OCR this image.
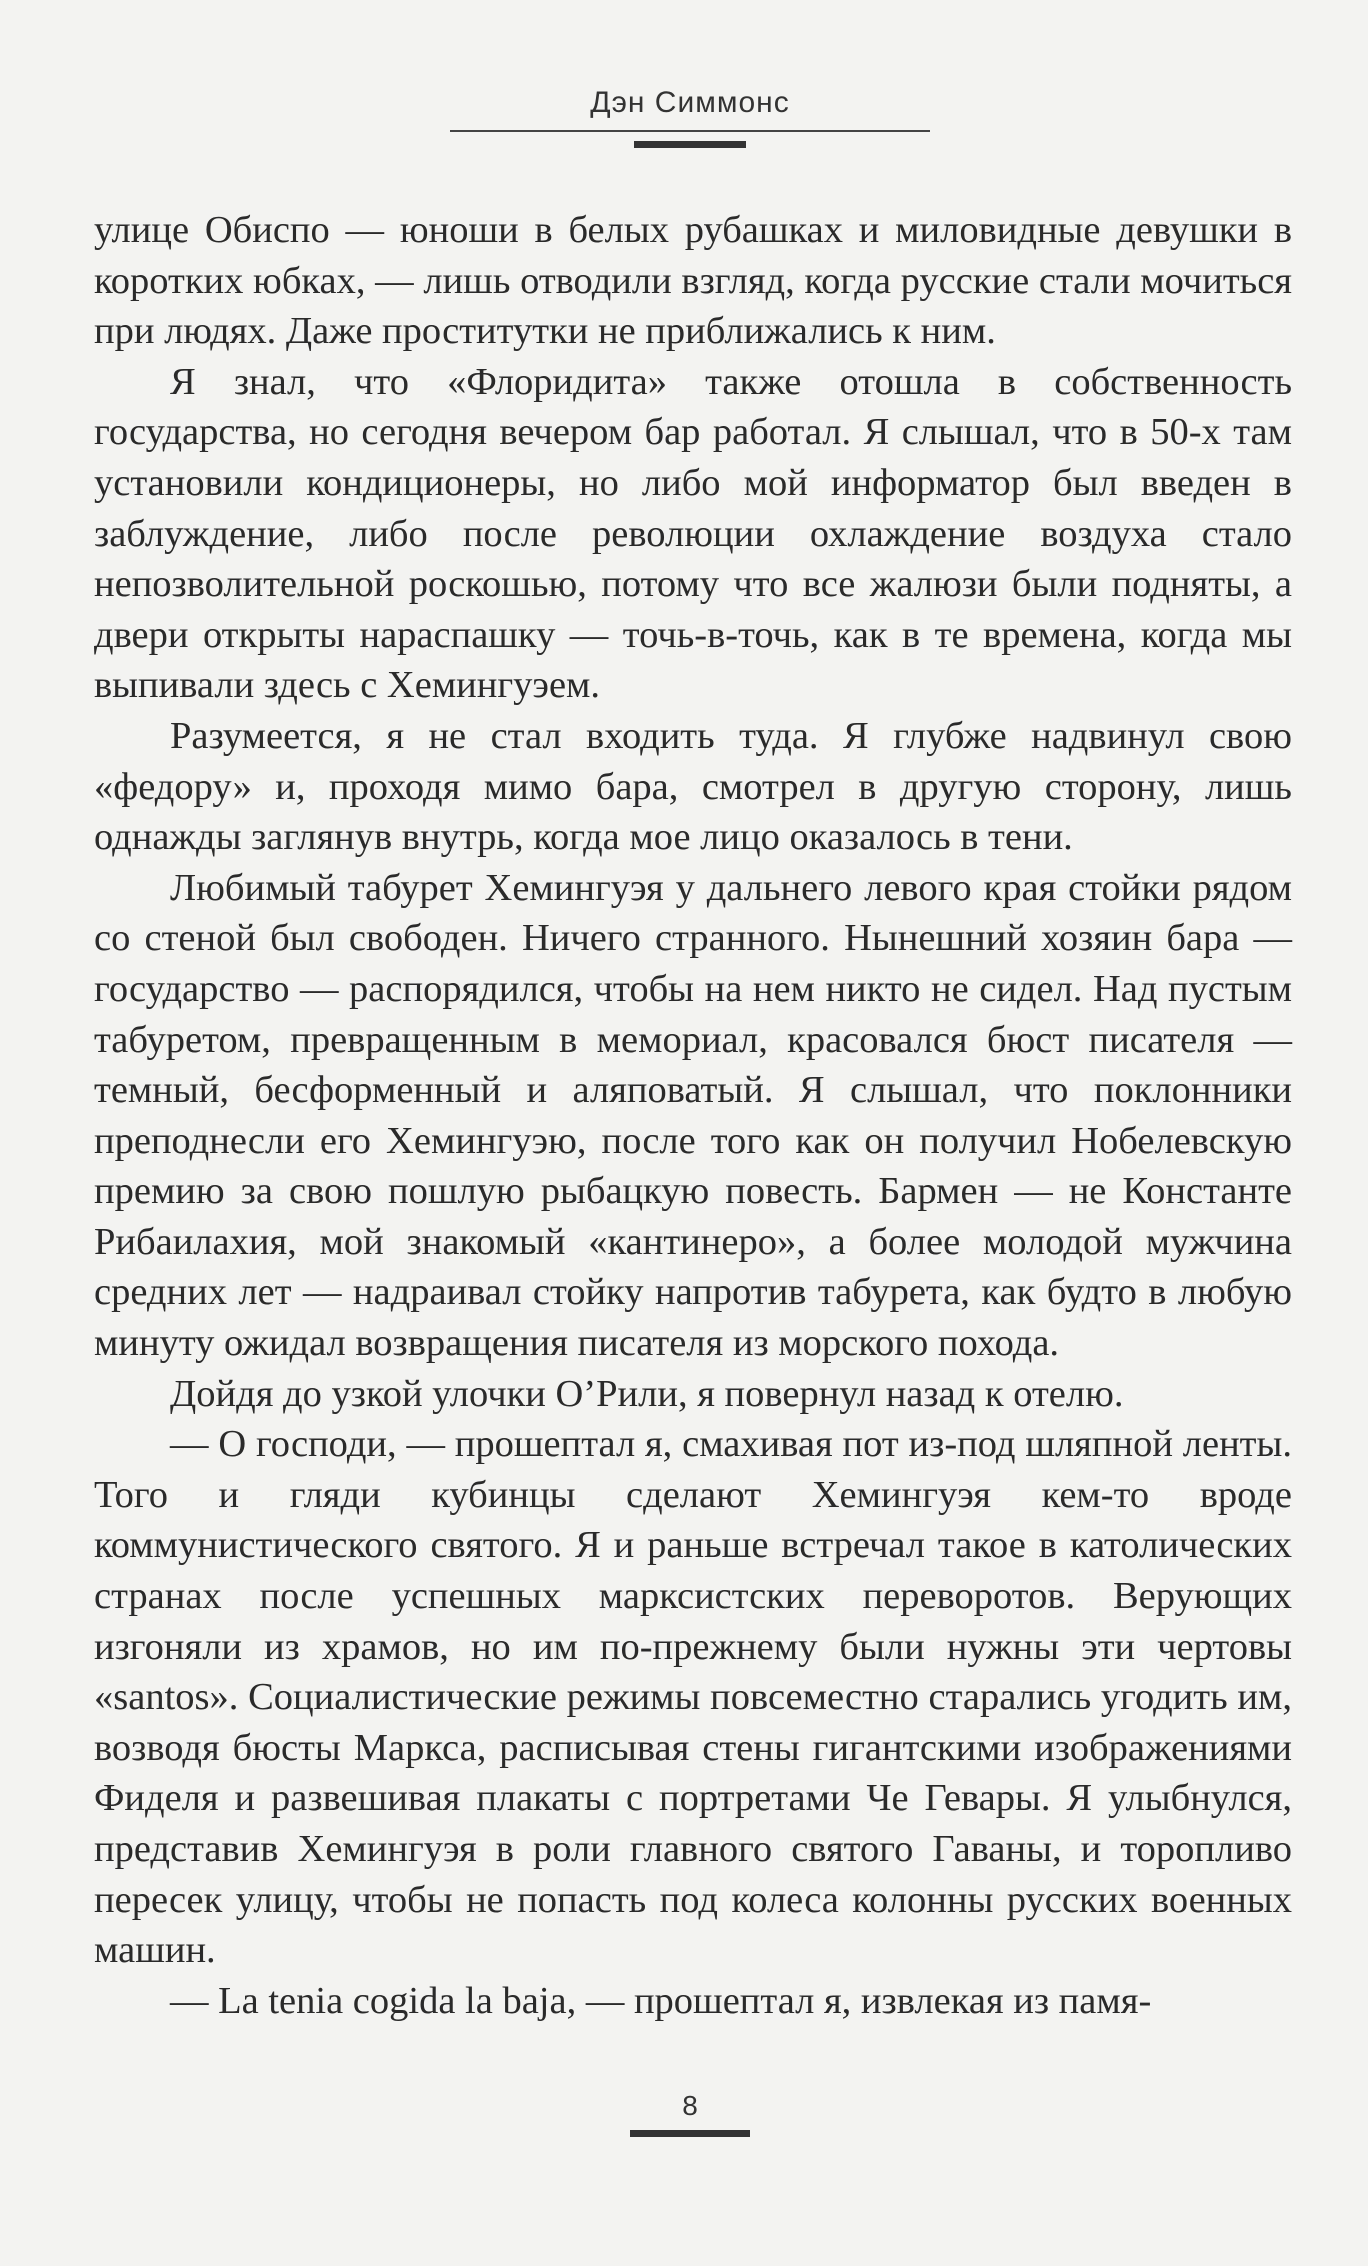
Дэн Симмонс

улице Обиспо — юноши в белых рубашках и миловидные девушки в коротких юбках, — лишь отводили взгляд, когда русские стали мочиться при людях. Даже проститутки не приближались к ним.

Я знал, что «Флоридита» также отошла в собственность государства, но сегодня вечером бар работал. Я слышал, что в 50-х там установили кондиционеры, но либо мой информатор был введен в заблуждение, либо после революции охлаждение воздуха стало непозволительной роскошью, потому что все жалюзи были подняты, а двери открыты нараспашку — точь-в-точь, как в те времена, когда мы выпивали здесь с Хемингуэем.

Разумеется, я не стал входить туда. Я глубже надвинул свою «федору» и, проходя мимо бара, смотрел в другую сторону, лишь однажды заглянув внутрь, когда мое лицо оказалось в тени.

Любимый табурет Хемингуэя у дальнего левого края стойки рядом со стеной был свободен. Ничего странного. Нынешний хозяин бара — государство — распорядился, чтобы на нем никто не сидел. Над пустым табуретом, превращенным в мемориал, красовался бюст писателя — темный, бесформенный и аляповатый. Я слышал, что поклонники преподнесли его Хемингуэю, после того как он получил Нобелевскую премию за свою пошлую рыбацкую повесть. Бармен — не Константе Рибаилахия, мой знакомый «кантинеро», а более молодой мужчина средних лет — надраивал стойку напротив табурета, как будто в любую минуту ожидал возвращения писателя из морского похода.

Дойдя до узкой улочки О’Рили, я повернул назад к отелю.

— О господи, — прошептал я, смахивая пот из-под шляпной ленты. Того и гляди кубинцы сделают Хемингуэя кем-то вроде коммунистического святого. Я и раньше встречал такое в католических странах после успешных марксистских переворотов. Верующих изгоняли из храмов, но им по-прежнему были нужны эти чертовы «santos». Социалистические режимы повсеместно старались угодить им, возводя бюсты Маркса, расписывая стены гигантскими изображениями Фиделя и развешивая плакаты с портретами Че Гевары. Я улыбнулся, представив Хемингуэя в роли главного святого Гаваны, и торопливо пересек улицу, чтобы не попасть под колеса колонны русских военных машин.

— La tenia cogida la baja, — прошептал я, извлекая из памя-

8
